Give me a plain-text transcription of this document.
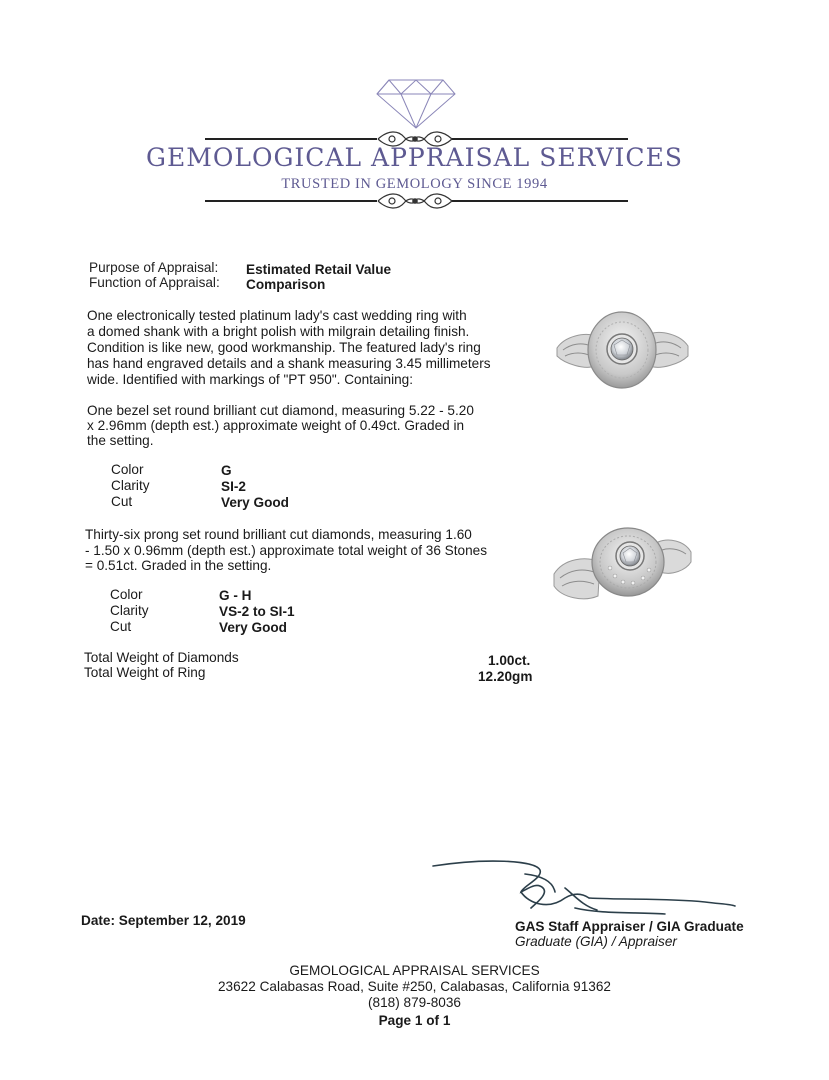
GEMOLOGICAL APPRAISAL SERVICES
TRUSTED IN GEMOLOGY SINCE 1994
Purpose of Appraisal: Estimated Retail Value
Function of Appraisal: Comparison
One electronically tested platinum lady's cast wedding ring with
a domed shank with a bright polish with milgrain detailing finish.
Condition is like new, good workmanship. The featured lady's ring
has hand engraved details and a shank measuring 3.45 millimeters
wide. Identified with markings of "PT 950". Containing:
One bezel set round brilliant cut diamond, measuring 5.22 - 5.20
x 2.96mm (depth est.) approximate weight of 0.49ct. Graded in
the setting.
Color	G
Clarity	SI-2
Cut	Very Good
Thirty-six prong set round brilliant cut diamonds, measuring 1.60
- 1.50 x 0.96mm (depth est.) approximate total weight of 36 Stones
= 0.51ct. Graded in the setting.
Color	G - H
Clarity	VS-2 to SI-1
Cut	Very Good
Total Weight of Diamonds	1.00ct.
Total Weight of Ring	12.20gm
Date: September 12, 2019	GAS Staff Appraiser / GIA Graduate
Graduate (GIA) / Appraiser
GEMOLOGICAL APPRAISAL SERVICES
23622 Calabasas Road, Suite #250, Calabasas, California 91362
(818) 879-8036
Page 1 of 1
